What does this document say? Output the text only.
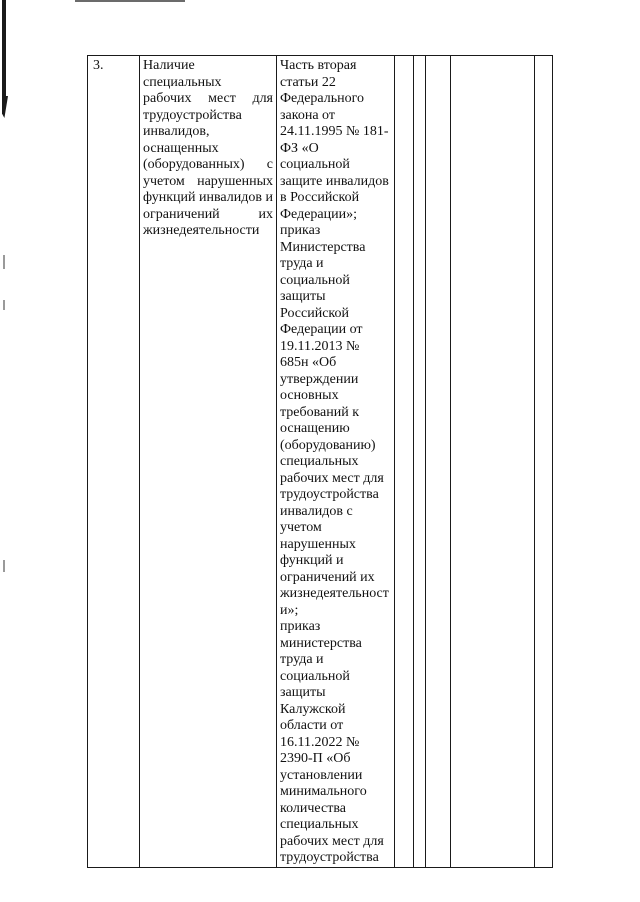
3.	Наличие специальных рабочих мест для трудоустройства инвалидов, оснащенных (оборудованных) с учетом нарушенных функций инвалидов и ограничений их жизнедеятельности	Часть вторая
статьи 22
Федерального
закона от
24.11.1995 № 181-
ФЗ «О
социальной
защите инвалидов
в Российской
Федерации»;
приказ
Министерства
труда и
социальной
защиты
Российской
Федерации от
19.11.2013 №
685н «Об
утверждении
основных
требований к
оснащению
(оборудованию)
специальных
рабочих мест для
трудоустройства
инвалидов с
учетом
нарушенных
функций и
ограничений их
жизнедеятельност
и»;
приказ
министерства
труда и
социальной
защиты
Калужской
области от
16.11.2022 №
2390-П «Об
установлении
минимального
количества
специальных
рабочих мест для
трудоустройства					
